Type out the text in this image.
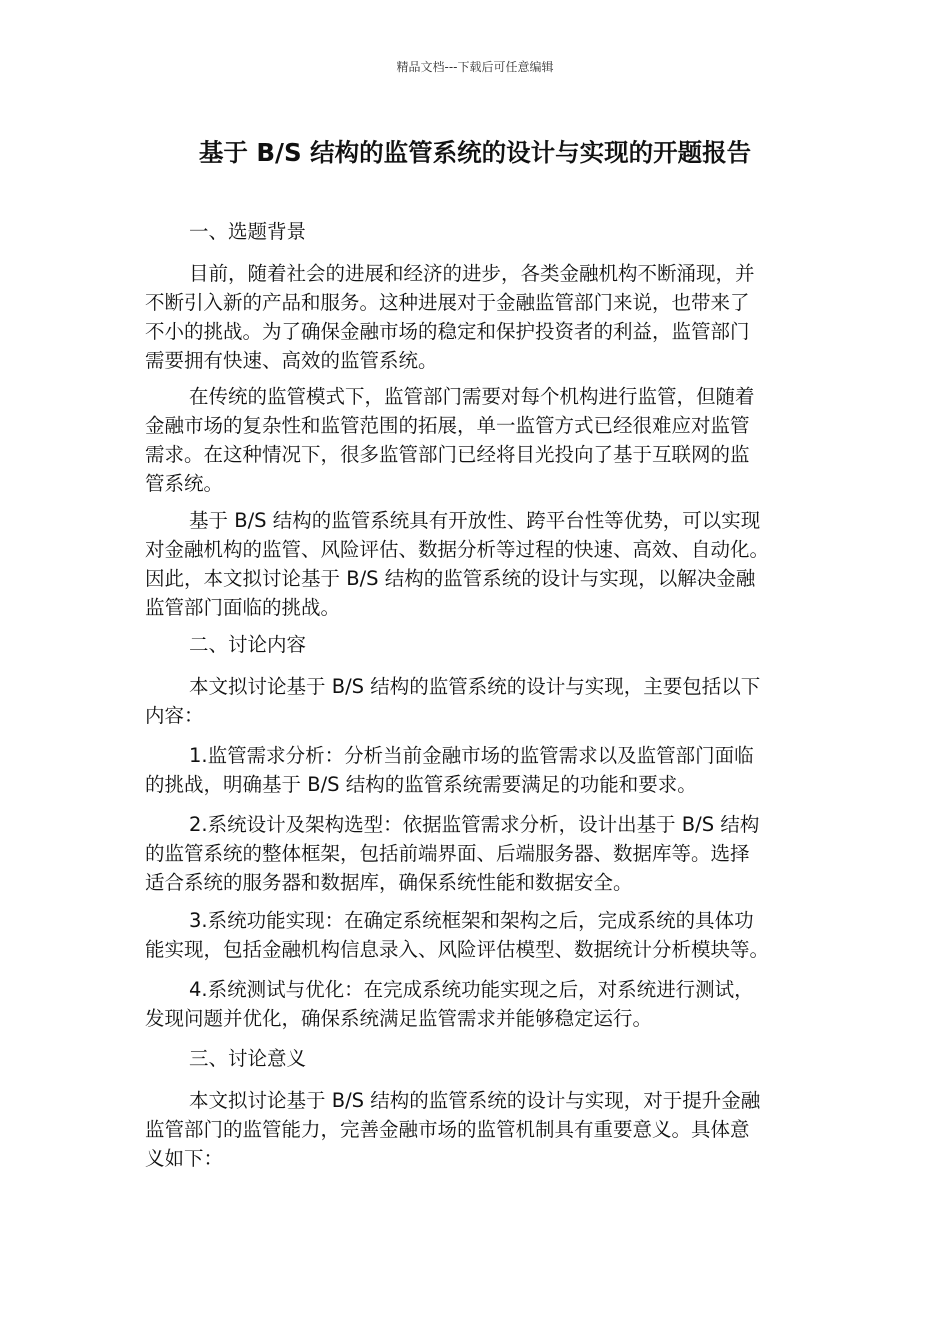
精品文档---下载后可任意编辑
基于 B/S 结构的监管系统的设计与实现的开题报告
一、选题背景
目前，随着社会的进展和经济的进步，各类金融机构不断涌现，并
不断引入新的产品和服务。这种进展对于金融监管部门来说，也带来了
不小的挑战。为了确保金融市场的稳定和保护投资者的利益，监管部门
需要拥有快速、高效的监管系统。
在传统的监管模式下，监管部门需要对每个机构进行监管，但随着
金融市场的复杂性和监管范围的拓展，单一监管方式已经很难应对监管
需求。在这种情况下，很多监管部门已经将目光投向了基于互联网的监
管系统。
基于 B/S 结构的监管系统具有开放性、跨平台性等优势，可以实现
对金融机构的监管、风险评估、数据分析等过程的快速、高效、自动化。
因此，本文拟讨论基于 B/S 结构的监管系统的设计与实现，以解决金融
监管部门面临的挑战。
二、讨论内容
本文拟讨论基于 B/S 结构的监管系统的设计与实现，主要包括以下
内容：
1.监管需求分析：分析当前金融市场的监管需求以及监管部门面临
的挑战，明确基于 B/S 结构的监管系统需要满足的功能和要求。
2.系统设计及架构选型：依据监管需求分析，设计出基于 B/S 结构
的监管系统的整体框架，包括前端界面、后端服务器、数据库等。选择
适合系统的服务器和数据库，确保系统性能和数据安全。
3.系统功能实现：在确定系统框架和架构之后，完成系统的具体功
能实现，包括金融机构信息录入、风险评估模型、数据统计分析模块等。
4.系统测试与优化：在完成系统功能实现之后，对系统进行测试，
发现问题并优化，确保系统满足监管需求并能够稳定运行。
三、讨论意义
本文拟讨论基于 B/S 结构的监管系统的设计与实现，对于提升金融
监管部门的监管能力，完善金融市场的监管机制具有重要意义。具体意
义如下：
